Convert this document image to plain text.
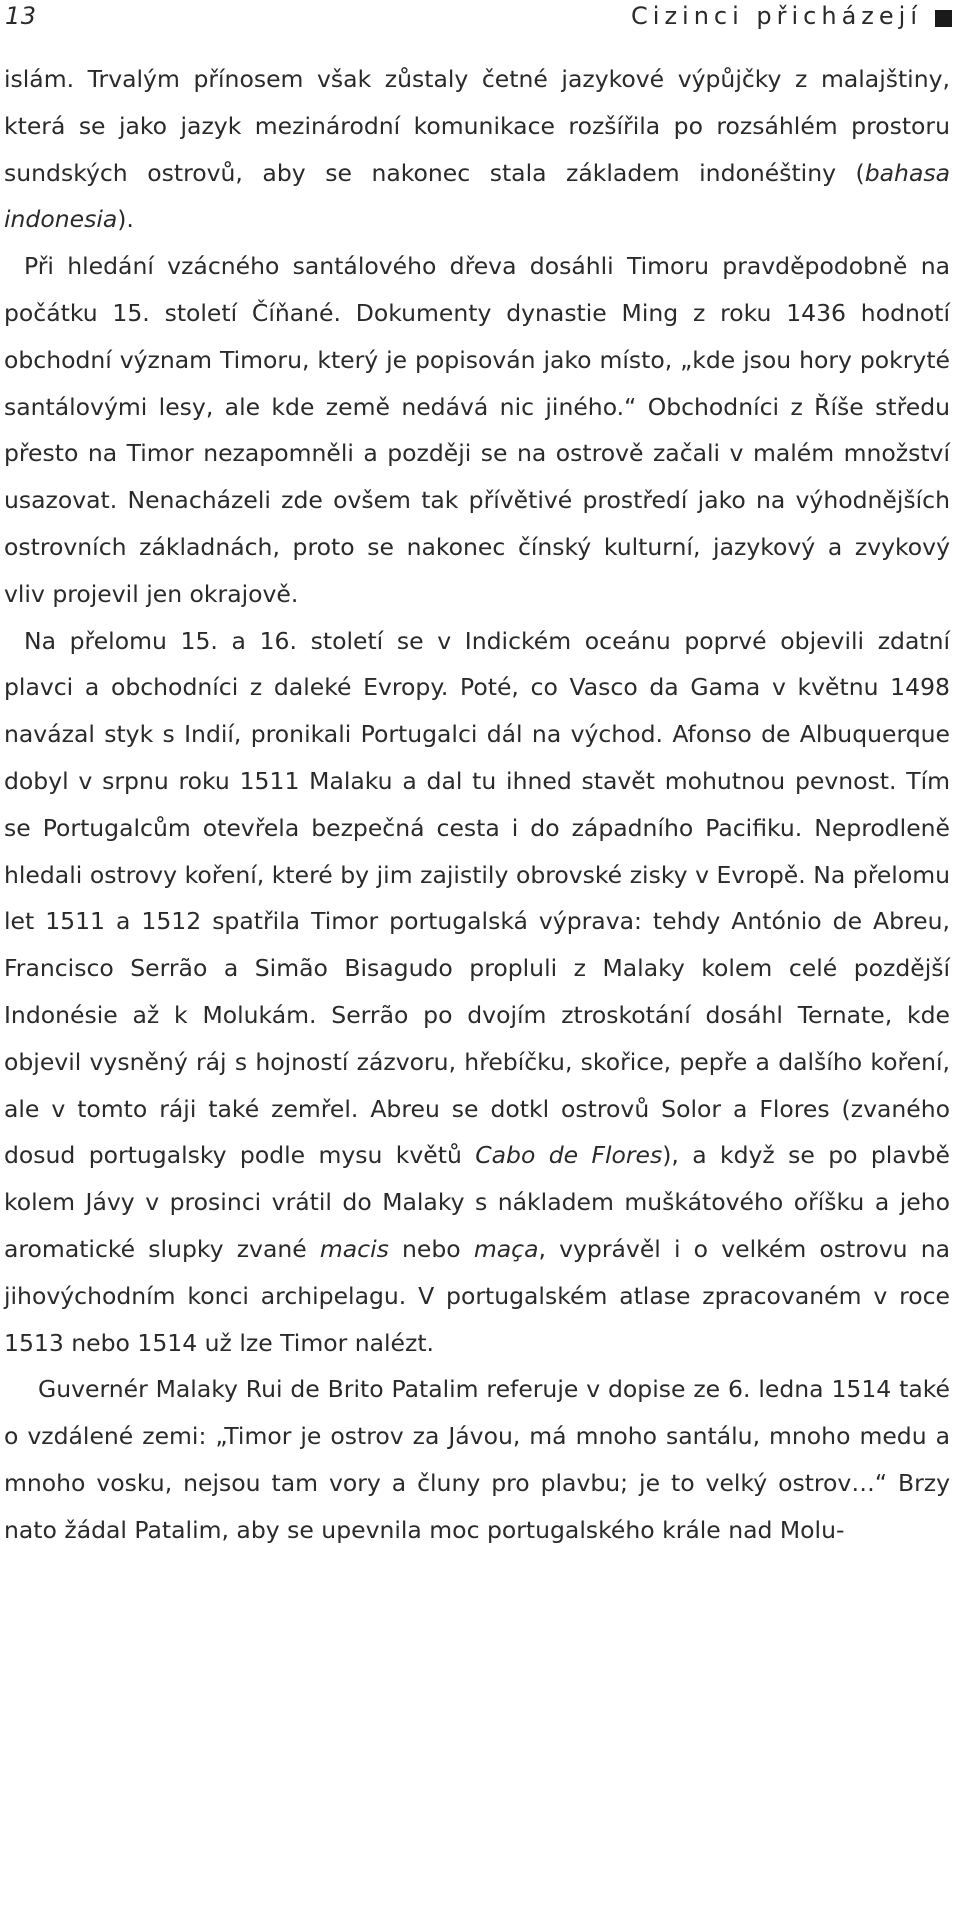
13	Cizinci přicházejí

islám. Trvalým přínosem však zůstaly četné jazykové výpůjčky z malajštiny, která se jako jazyk mezinárodní komunikace rozšířila po rozsáhlém prostoru sundských ostrovů, aby se nakonec stala základem indonéštiny (bahasa indonesia).

Při hledání vzácného santálového dřeva dosáhli Timoru pravděpodobně na počátku 15. století Číňané. Dokumenty dynastie Ming z roku 1436 hodnotí obchodní význam Timoru, který je popisován jako místo, „kde jsou hory pokryté santálovými lesy, ale kde země nedává nic jiného.“ Obchodníci z Říše středu přesto na Timor nezapomněli a později se na ostrově začali v malém množství usazovat. Nenacházeli zde ovšem tak přívětivé prostředí jako na výhodnějších ostrovních základnách, proto se nakonec čínský kulturní, jazykový a zvykový vliv projevil jen okrajově.

Na přelomu 15. a 16. století se v Indickém oceánu poprvé objevili zdatní plavci a obchodníci z daleké Evropy. Poté, co Vasco da Gama v květnu 1498 navázal styk s Indií, pronikali Portugalci dál na východ. Afonso de Albuquerque dobyl v srpnu roku 1511 Malaku a dal tu ihned stavět mohutnou pevnost. Tím se Portugalcům otevřela bezpečná cesta i do západního Pacifiku. Neprodleně hledali ostrovy koření, které by jim zajistily obrovské zisky v Evropě. Na přelomu let 1511 a 1512 spatřila Timor portugalská výprava: tehdy António de Abreu, Francisco Serrão a Simão Bisagudo propluli z Malaky kolem celé pozdější Indonésie až k Molukám. Serrão po dvojím ztroskotání dosáhl Ternate, kde objevil vysněný ráj s hojností zázvoru, hřebíčku, skořice, pepře a dalšího koření, ale v tomto ráji také zemřel. Abreu se dotkl ostrovů Solor a Flores (zvaného dosud portugalsky podle mysu květů Cabo de Flores), a když se po plavbě kolem Jávy v prosinci vrátil do Malaky s nákladem muškátového oříšku a jeho aromatické slupky zvané macis nebo maça, vyprávěl i o velkém ostrovu na jihovýchodním konci archipelagu. V portugalském atlase zpracovaném v roce 1513 nebo 1514 už lze Timor nalézt.

Guvernér Malaky Rui de Brito Patalim referuje v dopise ze 6. ledna 1514 také o vzdálené zemi: „Timor je ostrov za Jávou, má mnoho santálu, mnoho medu a mnoho vosku, nejsou tam vory a čluny pro plavbu; je to velký ostrov…“ Brzy nato žádal Patalim, aby se upevnila moc portugalského krále nad Molu-
